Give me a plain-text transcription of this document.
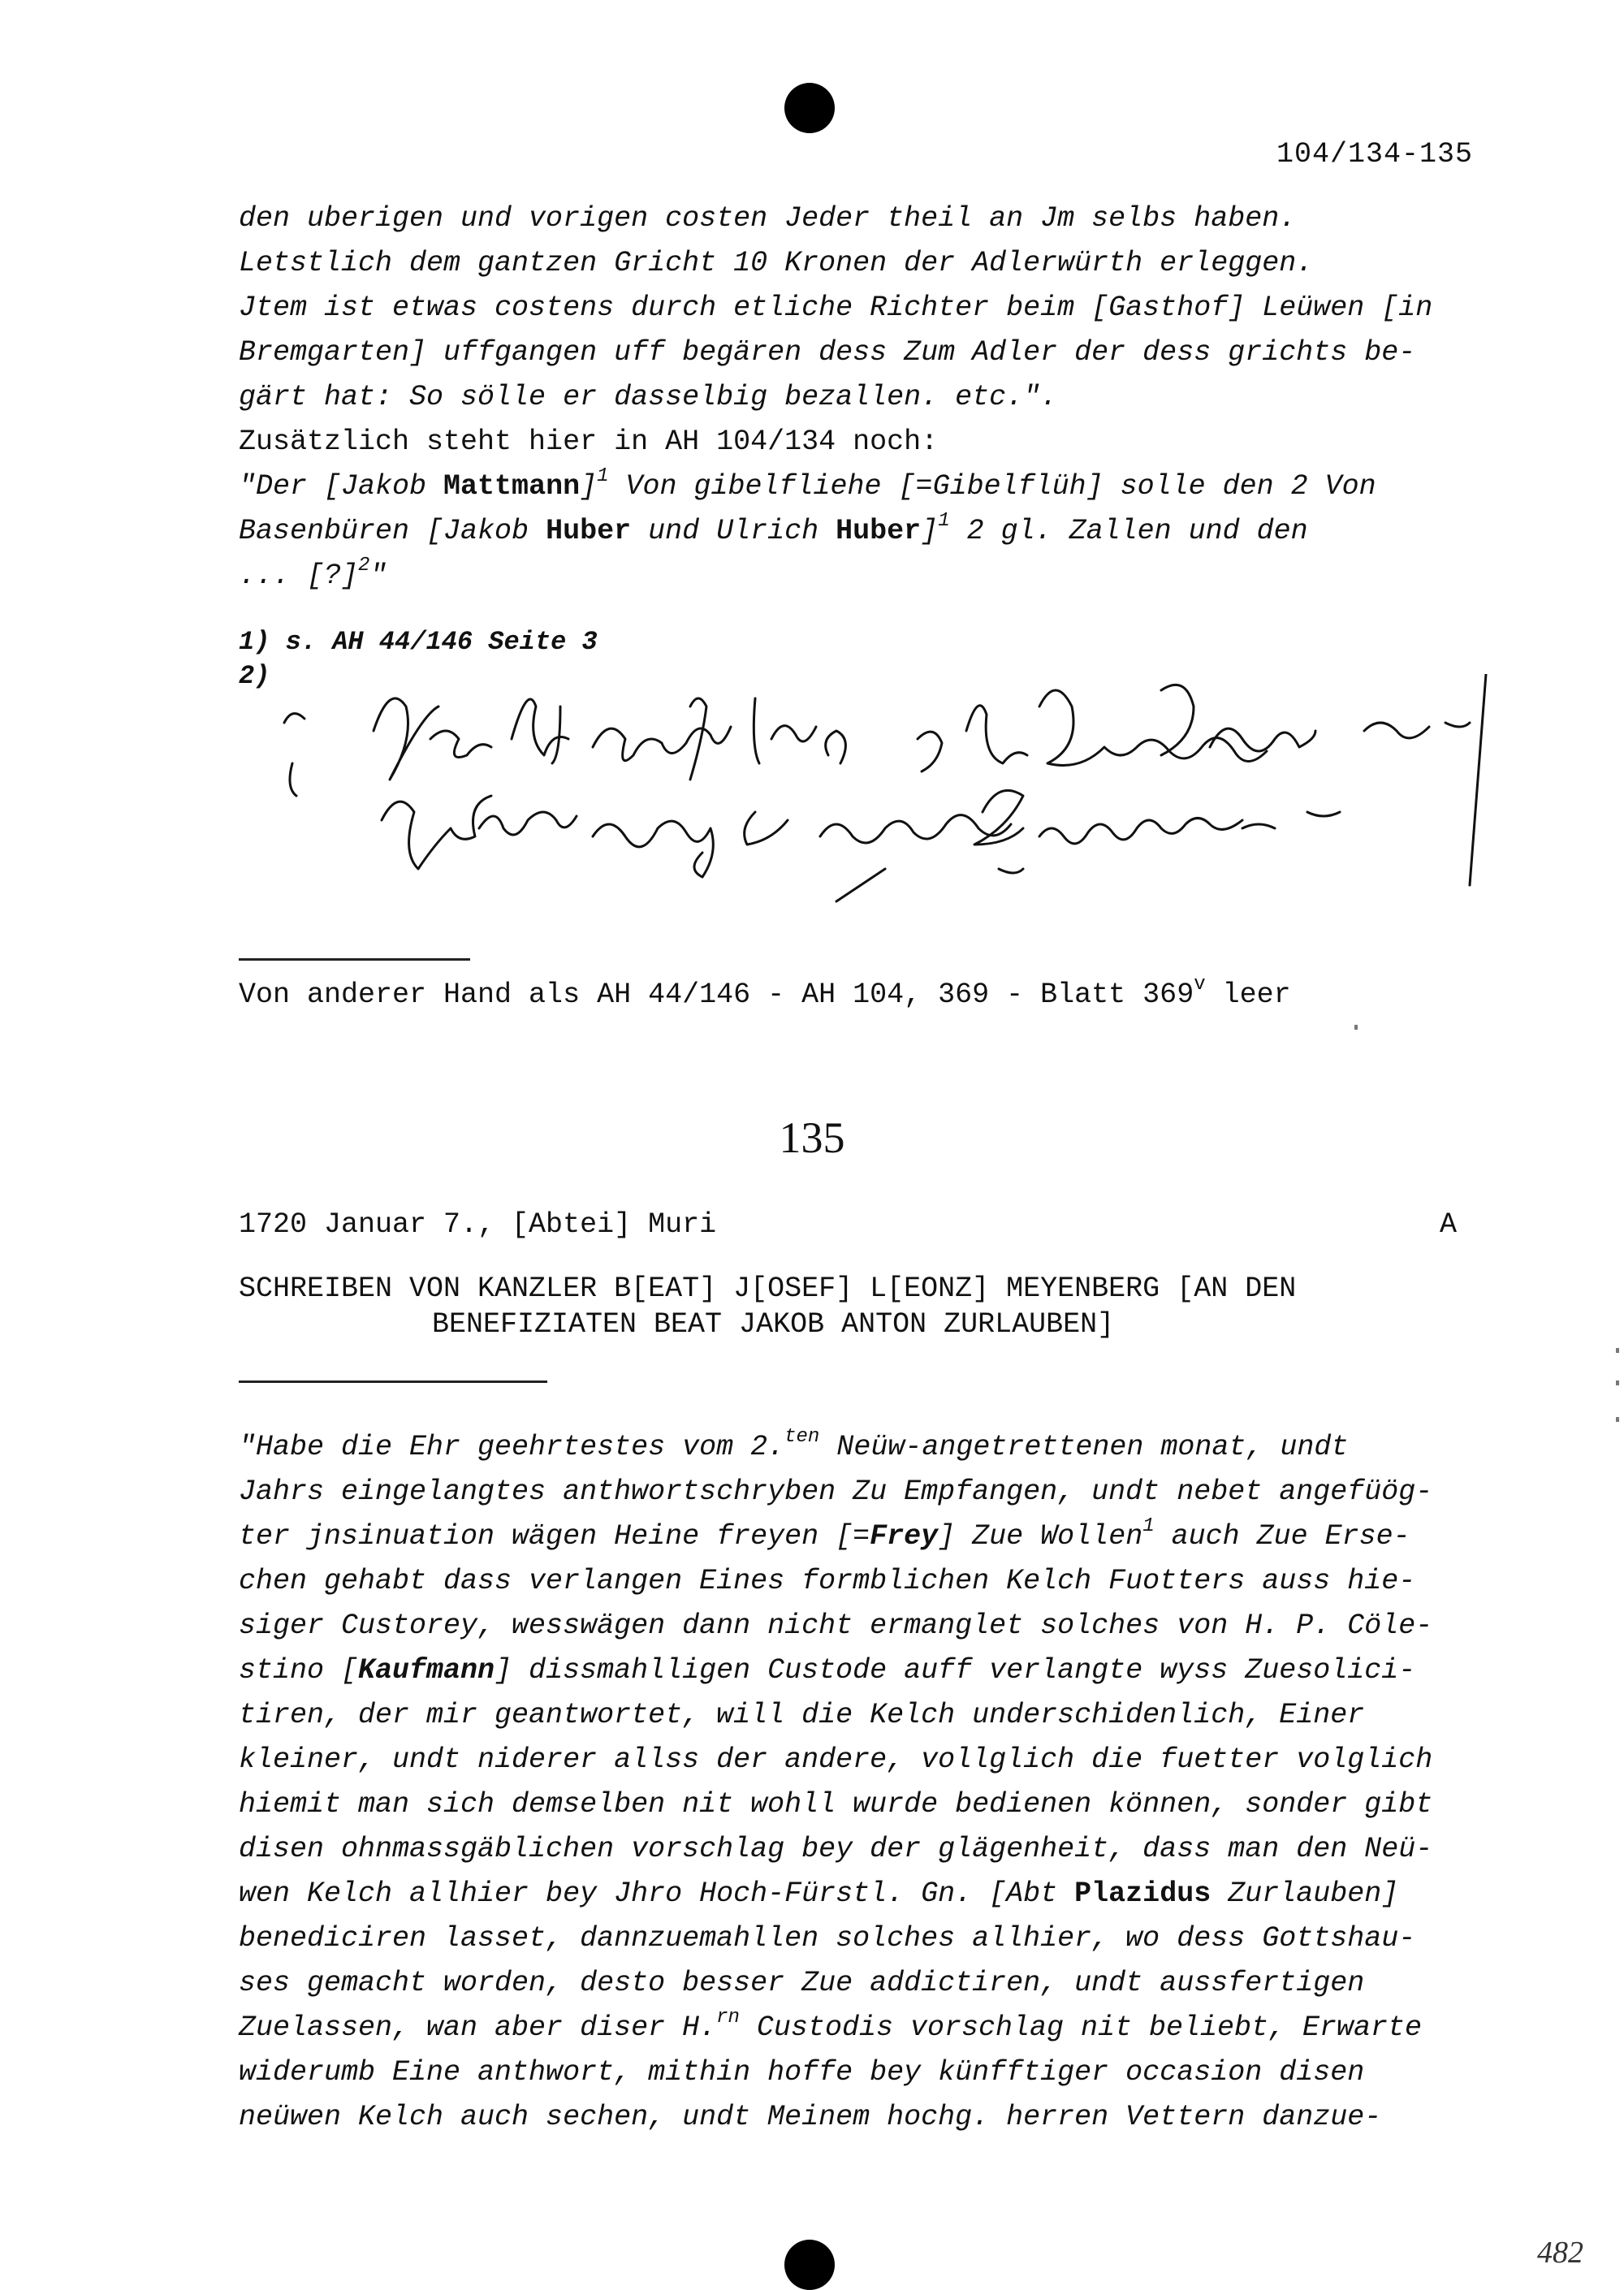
104/134-135
den uberigen und vorigen costen Jeder theil an Jm selbs haben.
Letstlich dem gantzen Gricht 10 Kronen der Adlerwürth erleggen.
Jtem ist etwas costens durch etliche Richter beim [Gasthof] Leüwen [in
Bremgarten] uffgangen uff begären dess Zum Adler der dess grichts be-
gärt hat: So sölle er dasselbig bezallen. etc.".
Zusätzlich steht hier in AH 104/134 noch:
"Der [Jakob Mattmann]$^1$ Von gibelfliehe [=Gibelflüh] solle den 2 Von
Basenbüren [Jakob Huber und Ulrich Huber]$^1$ 2 gl. Zallen und den
... [?]$^2$"
1) s. AH 44/146 Seite 3
2)
Von anderer Hand als AH 44/146 - AH 104, 369 - Blatt 369$^v$ leer
135
1720 Januar 7., [Abtei] Muri	A
SCHREIBEN VON KANZLER B[EAT] J[OSEF] L[EONZ] MEYENBERG [AN DEN
BENEFIZIATEN BEAT JAKOB ANTON ZURLAUBEN]
"Habe die Ehr geehrtestes vom 2.$^{ten}$ Neüw-angetrettenen monat, undt
Jahrs eingelangtes anthwortschryben Zu Empfangen, undt nebet angefüög-
ter jnsinuation wägen Heine freyen [=Frey] Zue Wollen$^1$ auch Zue Erse-
chen gehabt dass verlangen Eines formblichen Kelch Fuotters auss hie-
siger Custorey, wesswägen dann nicht ermanglet solches von H. P. Cöle-
stino [Kaufmann] dissmahlligen Custode auff verlangte wyss Zuesolici-
tiren, der mir geantwortet, will die Kelch underschidenlich, Einer
kleiner, undt niderer allss der andere, vollglich die fuetter volglich
hiemit man sich demselben nit wohll wurde bedienen können, sonder gibt
disen ohnmassgäblichen vorschlag bey der glägenheit, dass man den Neü-
wen Kelch allhier bey Jhro Hoch-Fürstl. Gn. [Abt Plazidus Zurlauben]
benediciren lasset, dannzuemahllen solches allhier, wo dess Gottshau-
ses gemacht worden, desto besser Zue addictiren, undt aussfertigen
Zuelassen, wan aber diser H.$^{rn}$ Custodis vorschlag nit beliebt, Erwarte
widerumb Eine anthwort, mithin hoffe bey künfftiger occasion disen
neüwen Kelch auch sechen, undt Meinem hochg. herren Vettern danzue-
482
